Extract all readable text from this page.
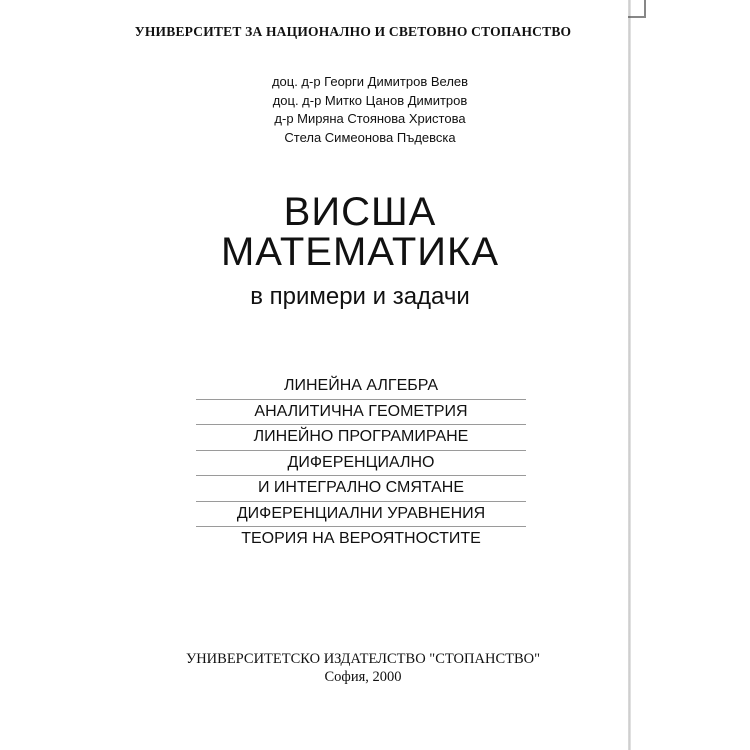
УНИВЕРСИТЕТ ЗА НАЦИОНАЛНО И СВЕТОВНО СТОПАНСТВО
доц. д-р Георги Димитров Велев
доц. д-р Митко Цанов Димитров
д-р Миряна Стоянова Христова
Стела Симеонова Пъдевска
ВИСША
МАТЕМАТИКА
в примери и задачи
ЛИНЕЙНА АЛГЕБРА
АНАЛИТИЧНА ГЕОМЕТРИЯ
ЛИНЕЙНО ПРОГРАМИРАНЕ
ДИФЕРЕНЦИАЛНО
И ИНТЕГРАЛНО СМЯТАНЕ
ДИФЕРЕНЦИАЛНИ УРАВНЕНИЯ
ТЕОРИЯ НА ВЕРОЯТНОСТИТЕ
УНИВЕРСИТЕТСКО ИЗДАТЕЛСТВО "СТОПАНСТВО"
София, 2000
